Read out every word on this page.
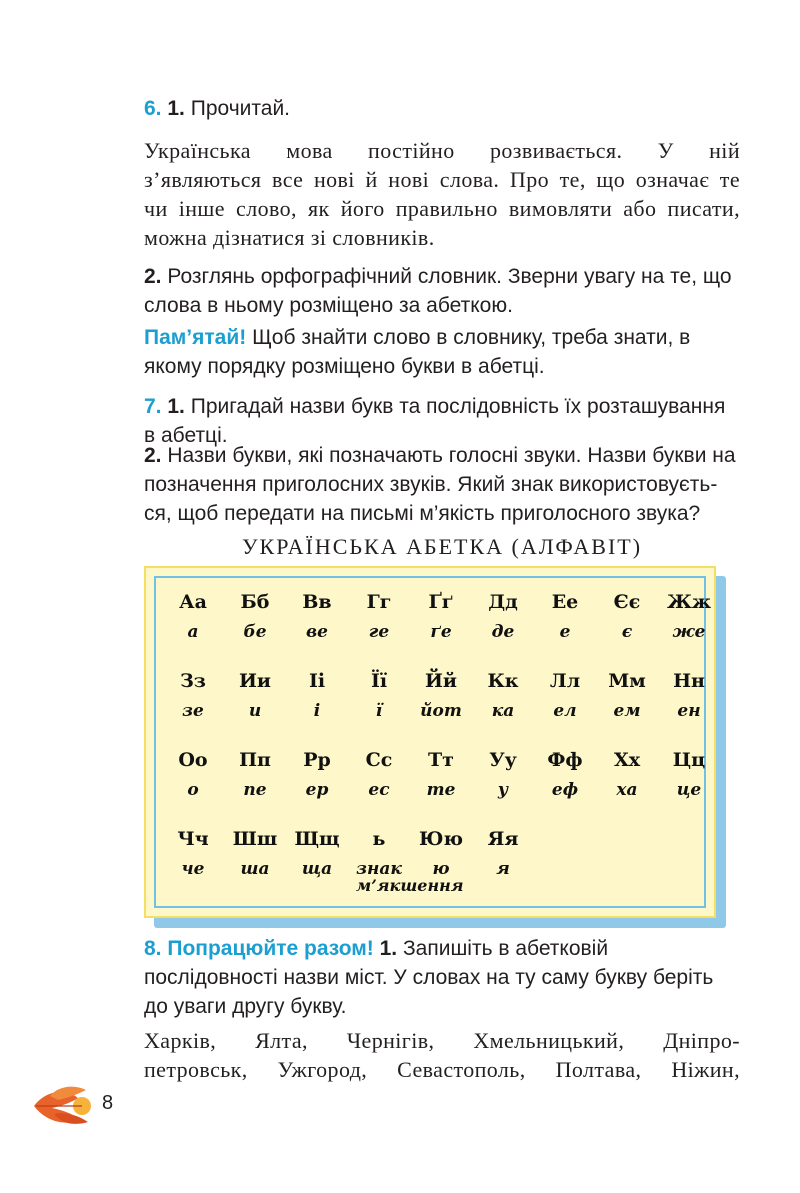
6. 1. Прочитай.
Українська мова постійно розвивається. У ній
з’являються все нові й нові слова. Про те, що означає те
чи інше слово, як його правильно вимовляти або писати,
можна дізнатися зі словників.
2. Розглянь орфографічний словник. Зверни увагу на те, що слова в ньому розміщено за абеткою.
Пам’ятай! Щоб знайти слово в словнику, треба знати, в якому порядку розміщено букви в абетці.
7. 1. Пригадай назви букв та послідовність їх розташування в абетці.
2. Назви букви, які позначають голосні звуки. Назви букви на позначення приголосних звуків. Який знак використовуєть-ся, щоб передати на письмі м’якість приголосного звука?
УКРАЇНСЬКА АБЕТКА (АЛФАВІТ)
Аа
а
Бб
бе
Вв
ве
Гг
ге
Ґґ
ґе
Дд
де
Ее
е
Єє
є
Жж
же
Зз
зе
Ии
и
Іі
і
Її
ї
Йй
йот
Кк
ка
Лл
ел
Мм
ем
Нн
ен
Оо
о
Пп
пе
Рр
ер
Сс
ес
Тт
те
Уу
у
Фф
еф
Хх
ха
Цц
це
Чч
че
Шш
ша
Щщ
ща
ь
знак
Юю
ю
Яя
я
м’якшення
8. Попрацюйте разом! 1. Запишіть в абетковій послідовності назви міст. У словах на ту саму букву беріть до уваги другу букву.
Харків, Ялта, Чернігів, Хмельницький, Дніпро-
петровськ, Ужгород, Севастополь, Полтава, Ніжин,
8
